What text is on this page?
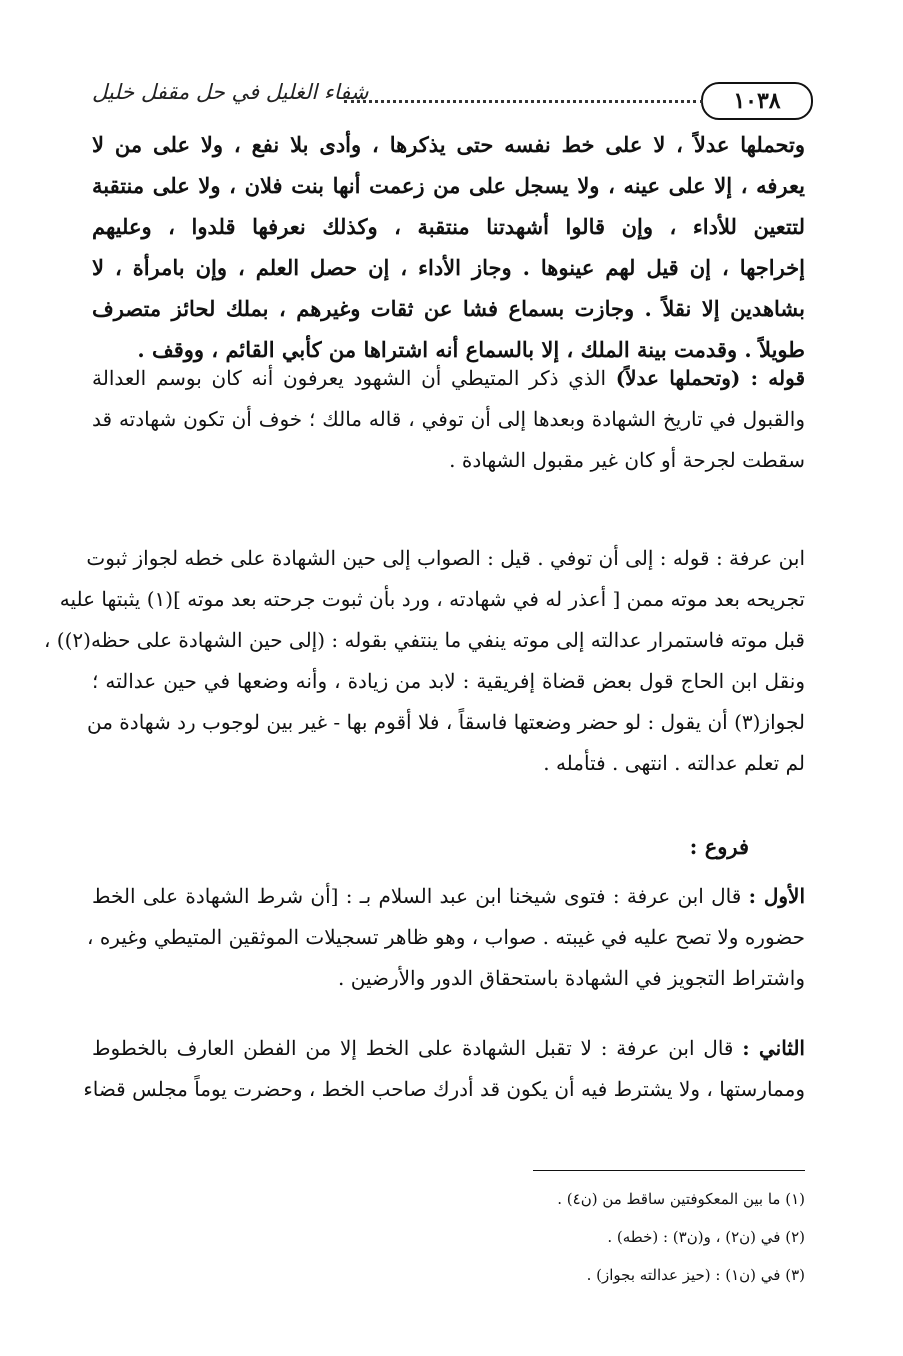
١٠٣٨
شفاء الغليل في حل مقفل خليل
وتحملها عدلاً ، لا على خط نفسه حتى يذكرها ، وأدى بلا نفع ، ولا على من لا
يعرفه ، إلا على عينه ، ولا يسجل على من زعمت أنها بنت فلان ، ولا على منتقبة
لتتعين للأداء ، وإن قالوا أشهدتنا منتقبة ، وكذلك نعرفها قلدوا ، وعليهم
إخراجها ، إن قيل لهم عينوها . وجاز الأداء ، إن حصل العلم ، وإن بامرأة ، لا
بشاهدين إلا نقلاً . وجازت بسماع فشا عن ثقات وغيرهم ، بملك لحائز متصرف
طويلاً . وقدمت بينة الملك ، إلا بالسماع أنه اشتراها من كأبي القائم ، ووقف .
قوله : (وتحملها عدلاً) الذي ذكر المتيطي أن الشهود يعرفون أنه كان بوسم العدالة
والقبول في تاريخ الشهادة وبعدها إلى أن توفي ، قاله مالك ؛ خوف أن تكون شهادته قد
سقطت لجرحة أو كان غير مقبول الشهادة .
ابن عرفة : قوله : إلى أن توفي . قيل : الصواب إلى حين الشهادة على خطه لجواز ثبوت
تجريحه بعد موته ممن [ أعذر له في شهادته ، ورد بأن ثبوت جرحته بعد موته ](١) يثبتها عليه
قبل موته فاستمرار عدالته إلى موته ينفي ما ينتفي بقوله : (إلى حين الشهادة على حظه(٢)) ،
ونقل ابن الحاج قول بعض قضاة إفريقية : لابد من زيادة ، وأنه وضعها في حين عدالته ؛
لجواز(٣) أن يقول : لو حضر وضعتها فاسقاً ، فلا أقوم بها - غير بين لوجوب رد شهادة من
لم تعلم عدالته . انتهى . فتأمله .
فروع :
الأول : قال ابن عرفة : فتوى شيخنا ابن عبد السلام بـ : [أن شرط الشهادة على الخط
حضوره ولا تصح عليه في غيبته . صواب ، وهو ظاهر تسجيلات الموثقين المتيطي وغيره ،
واشتراط التجويز في الشهادة باستحقاق الدور والأرضين .
الثاني : قال ابن عرفة : لا تقبل الشهادة على الخط إلا من الفطن العارف بالخطوط
وممارستها ، ولا يشترط فيه أن يكون قد أدرك صاحب الخط ، وحضرت يوماً مجلس قضاء
(١) ما بين المعكوفتين ساقط من (ن٤) .
(٢) في (ن٢) ، و(ن٣) : (خطه) .
(٣) في (ن١) : (حيز عدالته بجواز) .
